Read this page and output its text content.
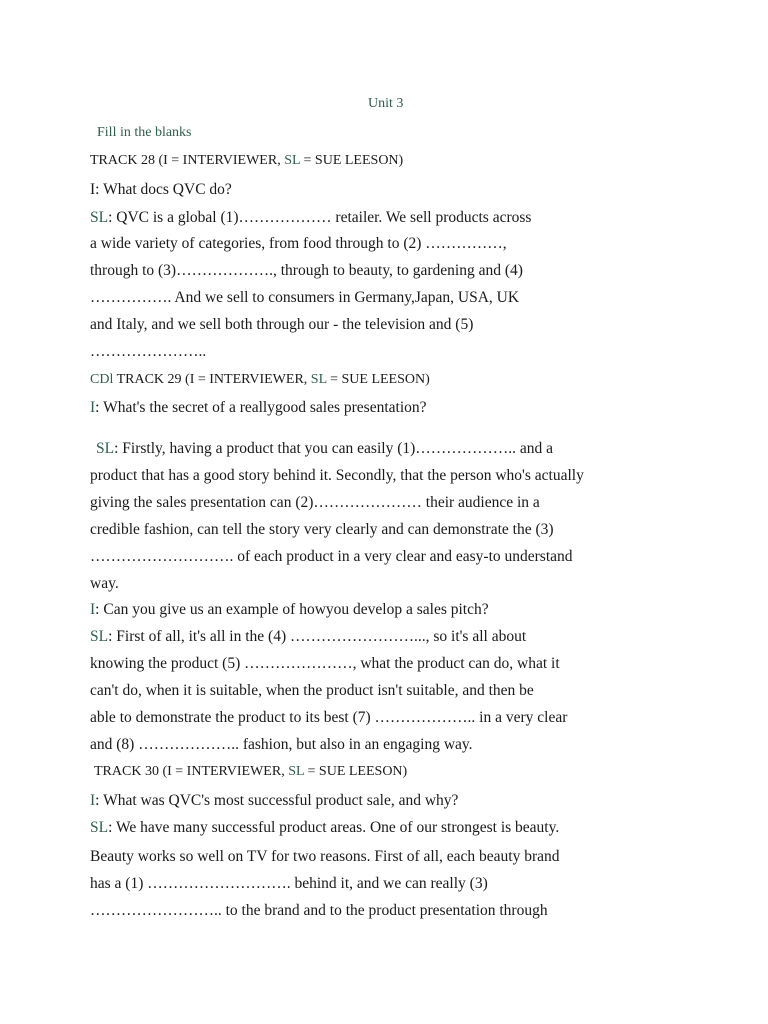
Unit 3
Fill in the blanks
TRACK 28 (I = INTERVIEWER, SL = SUE LEESON)
I: What docs QVC do?
SL: QVC is a global (1)……………… retailer. We sell products across
a wide variety of categories, from food through to (2) ……………,
through to (3)………………., through to beauty, to gardening and (4)
……………. And we sell to consumers in Germany,Japan, USA, UK
and Italy, and we sell both through our - the television and (5)
…………………..
CDl TRACK 29 (I = INTERVIEWER, SL = SUE LEESON)
I: What's the secret of a reallygood sales presentation?
SL: Firstly, having a product that you can easily (1)……………….. and a
product that has a good story behind it. Secondly, that the person who's actually
giving the sales presentation can (2)………………… their audience in a
credible fashion, can tell the story very clearly and can demonstrate the (3)
………………………. of each product in a very clear and easy-to understand
way.
I: Can you give us an example of howyou develop a sales pitch?
SL: First of all, it's all in the (4) ……………………..., so it's all about
knowing the product (5) …………………, what the product can do, what it
can't do, when it is suitable, when the product isn't suitable, and then be
able to demonstrate the product to its best (7) ……………….. in a very clear
and (8) ……………….. fashion, but also in an engaging way.
TRACK 30 (I = INTERVIEWER, SL = SUE LEESON)
I: What was QVC's most successful product sale, and why?
SL: We have many successful product areas. One of our strongest is beauty.
Beauty works so well on TV for two reasons. First of all, each beauty brand
has a (1) ………………………. behind it, and we can really (3)
…………………….. to the brand and to the product presentation through
